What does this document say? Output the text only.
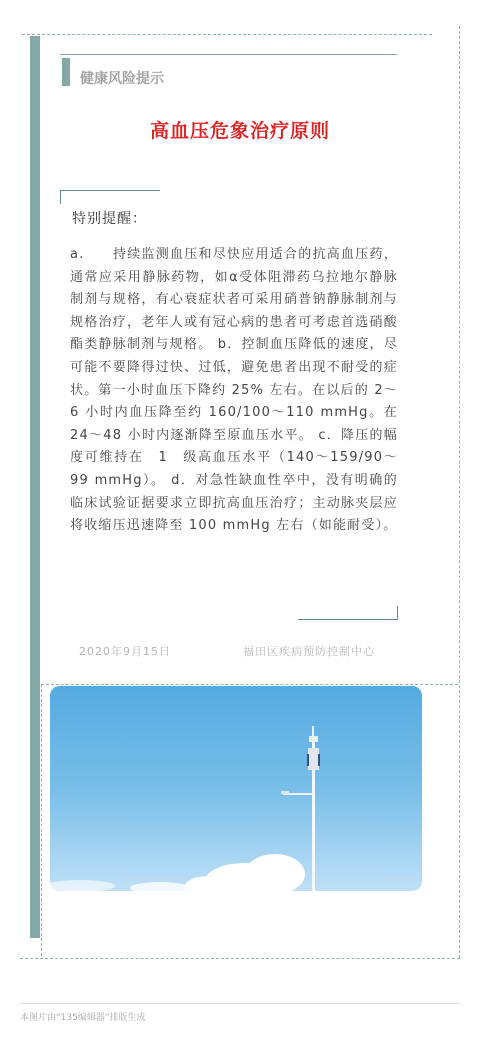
健康风险提示
高血压危象治疗原则
特别提醒：
a.　　持续监测血压和尽快应用适合的抗高血压药，通常应采用静脉药物，如α受体阻滞药乌拉地尔静脉制剂与规格，有心衰症状者可采用硝普钠静脉制剂与规格治疗，老年人或有冠心病的患者可考虑首选硝酸酯类静脉制剂与规格。 b．控制血压降低的速度，尽可能不要降得过快、过低，避免患者出现不耐受的症状。第一小时血压下降约 25% 左右。在以后的 2～6 小时内血压降至约 160/100～110 mmHg。在 24～48 小时内逐渐降至原血压水平。 c．降压的幅度可维持在　1　级高血压水平（140～159/90～99 mmHg）。 d．对急性缺血性卒中，没有明确的临床试验证据要求立即抗高血压治疗；主动脉夹层应将收缩压迅速降至 100 mmHg 左右（如能耐受）。
2020年9月15日	福田区疾病预防控制中心
本图片由“135编辑器”排版生成
